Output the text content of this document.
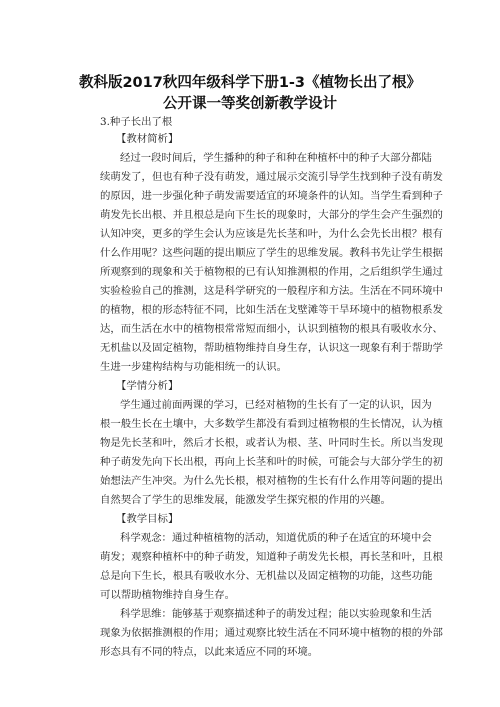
教科版2017秋四年级科学下册1-3《植物长出了根》
公开课一等奖创新教学设计
3.种子长出了根
【教材简析】
经过一段时间后，学生播种的种子和种在种植杯中的种子大部分都陆
续萌发了，但也有种子没有萌发，通过展示交流引导学生找到种子没有萌发
的原因，进一步强化种子萌发需要适宜的环境条件的认知。当学生看到种子
萌发先长出根、并且根总是向下生长的现象时，大部分的学生会产生强烈的
认知冲突，更多的学生会认为应该是先长茎和叶，为什么会先长出根？根有
什么作用呢？这些问题的提出顺应了学生的思维发展。教科书先让学生根据
所观察到的现象和关于植物根的已有认知推测根的作用，之后组织学生通过
实验检验自己的推测，这是科学研究的一般程序和方法。生活在不同环境中
的植物，根的形态特征不同，比如生活在戈壁滩等干旱环境中的植物根系发
达，而生活在水中的植物根常常短而细小，认识到植物的根具有吸收水分、
无机盐以及固定植物，帮助植物维持自身生存，认识这一现象有利于帮助学
生进一步建构结构与功能相统一的认识。
【学情分析】
学生通过前面两课的学习，已经对植物的生长有了一定的认识，因为
根一般生长在土壤中，大多数学生都没有看到过植物根的生长情况，认为植
物是先长茎和叶，然后才长根，或者认为根、茎、叶同时生长。所以当发现
种子萌发先向下长出根，再向上长茎和叶的时候，可能会与大部分学生的初
始想法产生冲突。为什么先长根，根对植物的生长有什么作用等问题的提出
自然契合了学生的思维发展，能激发学生探究根的作用的兴趣。
【教学目标】
科学观念：通过种植植物的活动，知道优质的种子在适宜的环境中会
萌发；观察种植杯中的种子萌发，知道种子萌发先长根，再长茎和叶，且根
总是向下生长，根具有吸收水分、无机盐以及固定植物的功能，这些功能
可以帮助植物维持自身生存。
科学思维：能够基于观察描述种子的萌发过程；能以实验现象和生活
现象为依据推测根的作用；通过观察比较生活在不同环境中植物的根的外部
形态具有不同的特点，以此来适应不同的环境。
